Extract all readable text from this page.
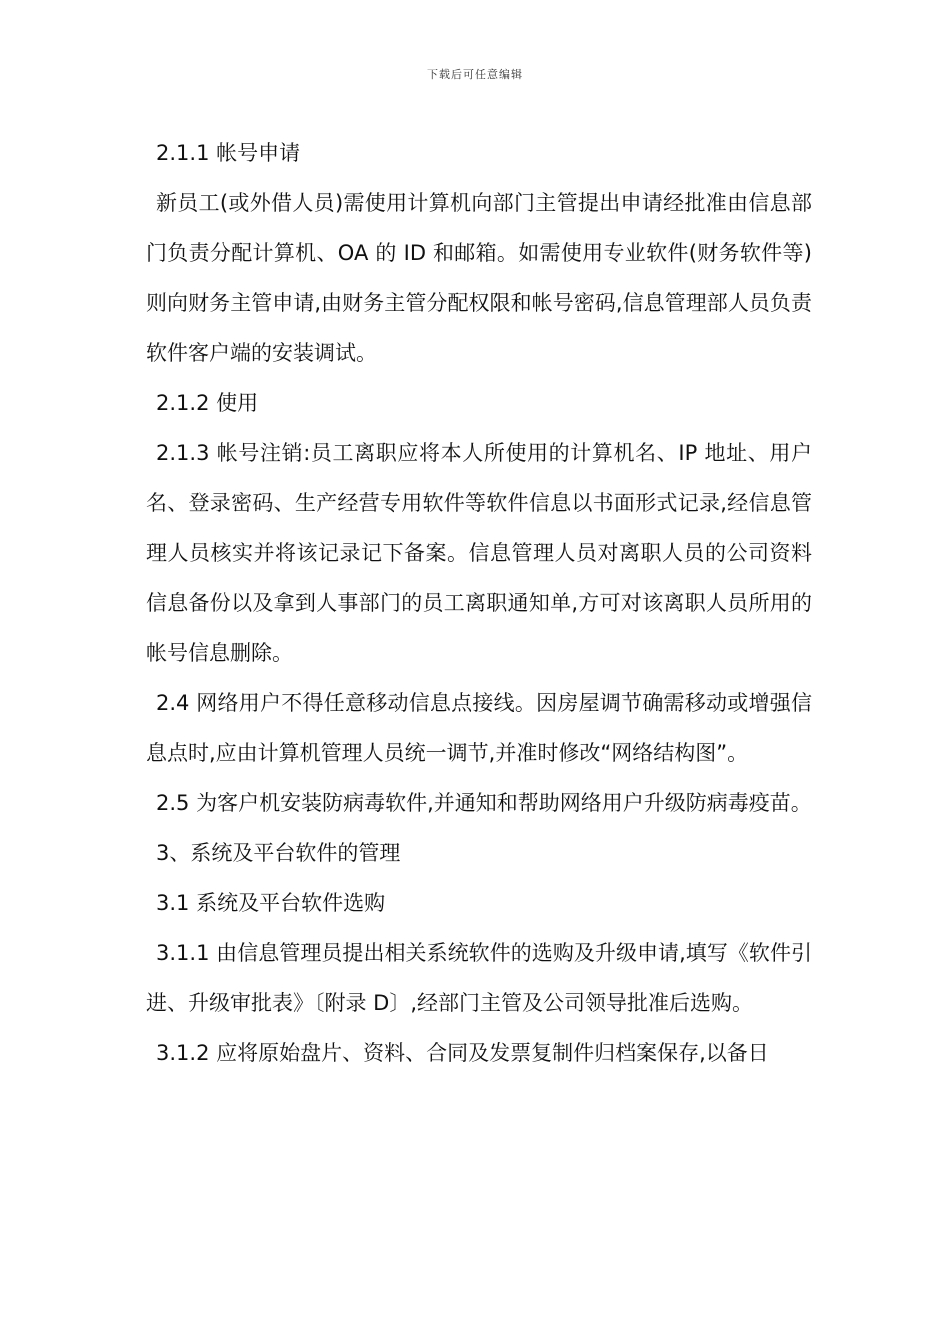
下载后可任意编辑

2.1.1 帐号申请

新员工(或外借人员)需使用计算机向部门主管提出申请经批准由信息部门负责分配计算机、OA 的 ID 和邮箱。如需使用专业软件(财务软件等)则向财务主管申请,由财务主管分配权限和帐号密码,信息管理部人员负责软件客户端的安装调试。

2.1.2 使用

2.1.3 帐号注销:员工离职应将本人所使用的计算机名、IP 地址、用户名、登录密码、生产经营专用软件等软件信息以书面形式记录,经信息管理人员核实并将该记录记下备案。信息管理人员对离职人员的公司资料信息备份以及拿到人事部门的员工离职通知单,方可对该离职人员所用的帐号信息删除。

2.4 网络用户不得任意移动信息点接线。因房屋调节确需移动或增强信息点时,应由计算机管理人员统一调节,并准时修改“网络结构图”。

2.5 为客户机安装防病毒软件,并通知和帮助网络用户升级防病毒疫苗。

3、系统及平台软件的管理

3.1 系统及平台软件选购

3.1.1 由信息管理员提出相关系统软件的选购及升级申请,填写《软件引进、升级审批表》〔附录 D〕,经部门主管及公司领导批准后选购。

3.1.2 应将原始盘片、资料、合同及发票复制件归档案保存,以备日
